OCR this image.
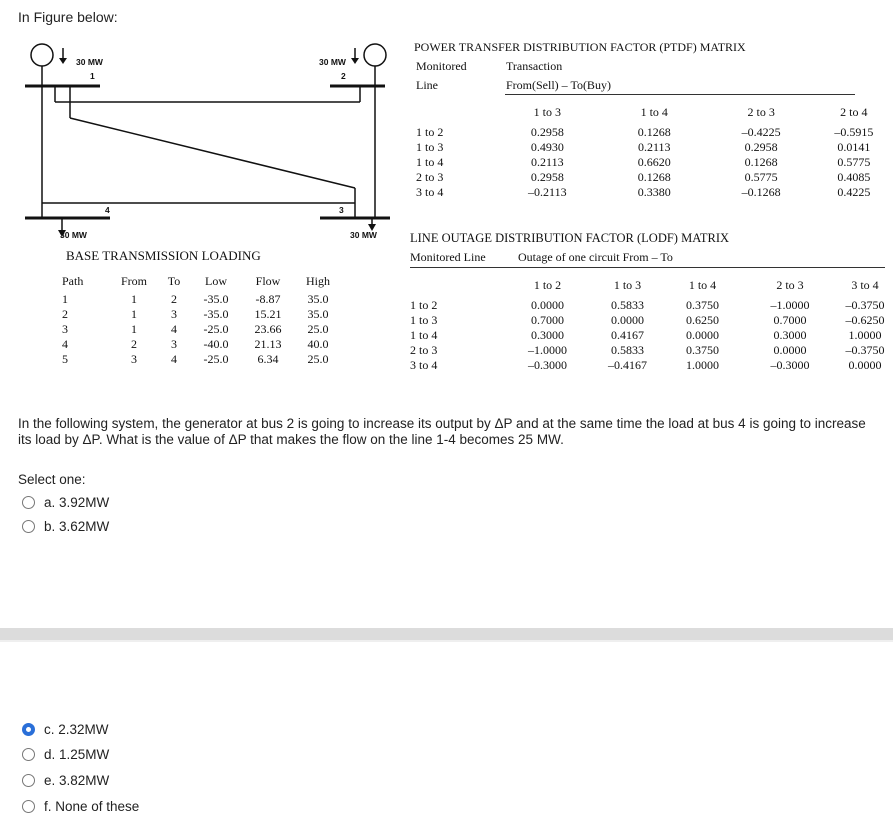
In Figure below:
30 MW
1
30 MW
2
4	3
30 MW	30 MW
BASE TRANSMISSION LOADING
Path	From	To	Low	Flow	High
1	1	2	-35.0	-8.87	35.0
2	1	3	-35.0	15.21	35.0
3	1	4	-25.0	23.66	25.0
4	2	3	-40.0	21.13	40.0
5	3	4	-25.0	6.34	25.0
POWER TRANSFER DISTRIBUTION FACTOR (PTDF) MATRIX
Monitored
Line
Transaction
From(Sell) – To(Buy)
	1 to 3	1 to 4	2 to 3	2 to 4
1 to 2	0.2958	0.1268	–0.4225	–0.5915
1 to 3	0.4930	0.2113	0.2958	0.0141
1 to 4	0.2113	0.6620	0.1268	0.5775
2 to 3	0.2958	0.1268	0.5775	0.4085
3 to 4	–0.2113	0.3380	–0.1268	0.4225
LINE OUTAGE DISTRIBUTION FACTOR (LODF) MATRIX
Monitored Line	Outage of one circuit From – To
	1 to 2	1 to 3	1 to 4	2 to 3	3 to 4
1 to 2	0.0000	0.5833	0.3750	–1.0000	–0.3750
1 to 3	0.7000	0.0000	0.6250	0.7000	–0.6250
1 to 4	0.3000	0.4167	0.0000	0.3000	1.0000
2 to 3	–1.0000	0.5833	0.3750	0.0000	–0.3750
3 to 4	–0.3000	–0.4167	1.0000	–0.3000	0.0000
In the following system, the generator at bus 2 is going to increase its output by ΔP and at the same time the load at bus 4 is going to increase its load by ΔP. What is the value of ΔP that makes the flow on the line 1-4 becomes 25 MW.
Select one:
a. 3.92MW
b. 3.62MW
c. 2.32MW
d. 1.25MW
e. 3.82MW
f. None of these
